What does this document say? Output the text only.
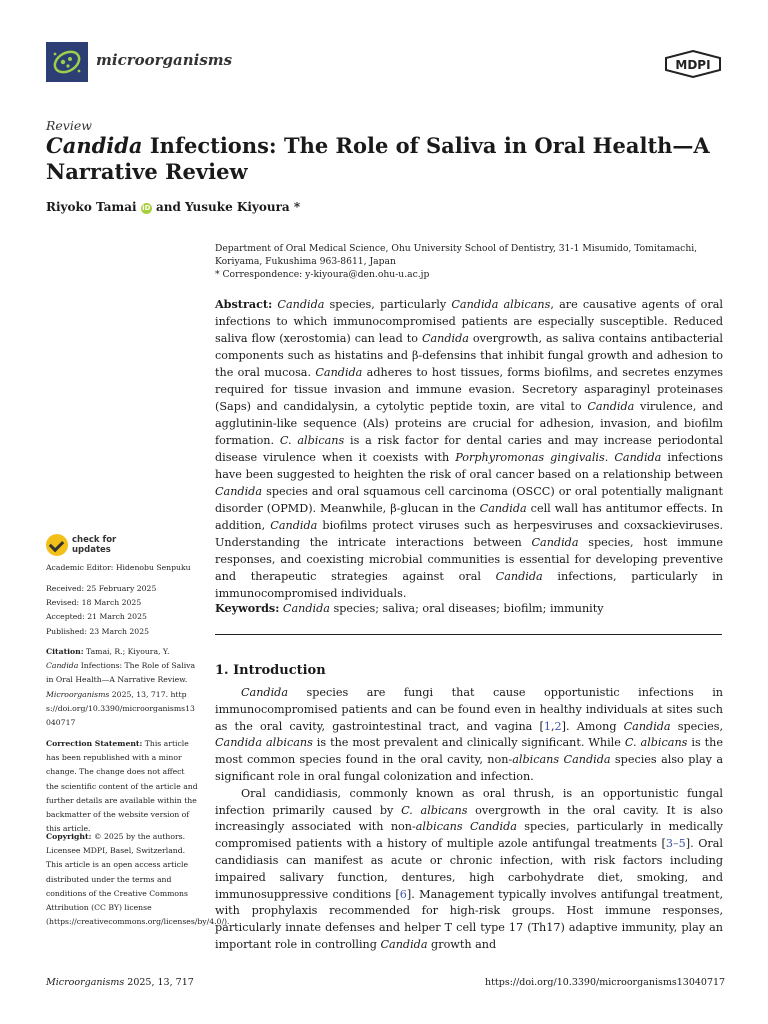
microorganisms	MDPI
Review
Candida Infections: The Role of Saliva in Oral Health—A
Narrative Review
Riyoko Tamai iD and Yusuke Kiyoura *
Department of Oral Medical Science, Ohu University School of Dentistry, 31-1 Misumido, Tomitamachi,
Koriyama, Fukushima 963-8611, Japan
* Correspondence: y-kiyoura@den.ohu-u.ac.jp
Abstract: Candida species, particularly Candida albicans, are causative agents of oral infections to which immunocompromised patients are especially susceptible. Reduced saliva flow (xerostomia) can lead to Candida overgrowth, as saliva contains antibacterial components such as histatins and β-defensins that inhibit fungal growth and adhesion to the oral mucosa. Candida adheres to host tissues, forms biofilms, and secretes enzymes required for tissue invasion and immune evasion. Secretory asparaginyl proteinases (Saps) and candidalysin, a cytolytic peptide toxin, are vital to Candida virulence, and agglutinin-like sequence (Als) proteins are crucial for adhesion, invasion, and biofilm formation. C. albicans is a risk factor for dental caries and may increase periodontal disease virulence when it coexists with Porphyromonas gingivalis. Candida infections have been suggested to heighten the risk of oral cancer based on a relationship between Candida species and oral squamous cell carcinoma (OSCC) or oral potentially malignant disorder (OPMD). Meanwhile, β-glucan in the Candida cell wall has antitumor effects. In addition, Candida biofilms protect viruses such as herpesviruses and coxsackieviruses. Understanding the intricate interactions between Candida species, host immune responses, and coexisting microbial communities is essential for developing preventive and therapeutic strategies against oral Candida infections, particularly in immunocompromised individuals.
Keywords: Candida species; saliva; oral diseases; biofilm; immunity
1. Introduction

Candida species are fungi that cause opportunistic infections in immunocompromised patients and can be found even in healthy individuals at sites such as the oral cavity, gastrointestinal tract, and vagina [1,2]. Among Candida species, Candida albicans is the most prevalent and clinically significant. While C. albicans is the most common species found in the oral cavity, non-albicans Candida species also play a significant role in oral fungal colonization and infection.

Oral candidiasis, commonly known as oral thrush, is an opportunistic fungal infection primarily caused by C. albicans overgrowth in the oral cavity. It is also increasingly associated with non-albicans Candida species, particularly in medically compromised patients with a history of multiple azole antifungal treatments [3–5]. Oral candidiasis can manifest as acute or chronic infection, with risk factors including impaired salivary function, dentures, high carbohydrate diet, smoking, and immunosuppressive conditions [6]. Management typically involves antifungal treatment, with prophylaxis recommended for high-risk groups. Host immune responses, particularly innate defenses and helper T cell type 17 (Th17) adaptive immunity, play an important role in controlling Candida growth and

check for
updates
Academic Editor: Hidenobu Senpuku
Received: 25 February 2025
Revised: 18 March 2025
Accepted: 21 March 2025
Published: 23 March 2025
Citation: Tamai, R.; Kiyoura, Y. Candida Infections: The Role of Saliva in Oral Health—A Narrative Review. Microorganisms 2025, 13, 717. https://doi.org/10.3390/microorganisms13040717
Correction Statement: This article has been republished with a minor change. The change does not affect the scientific content of the article and further details are available within the backmatter of the website version of this article.
Copyright: © 2025 by the authors. Licensee MDPI, Basel, Switzerland. This article is an open access article distributed under the terms and conditions of the Creative Commons Attribution (CC BY) license (https://creativecommons.org/licenses/by/4.0/).
Microorganisms 2025, 13, 717	https://doi.org/10.3390/microorganisms13040717
